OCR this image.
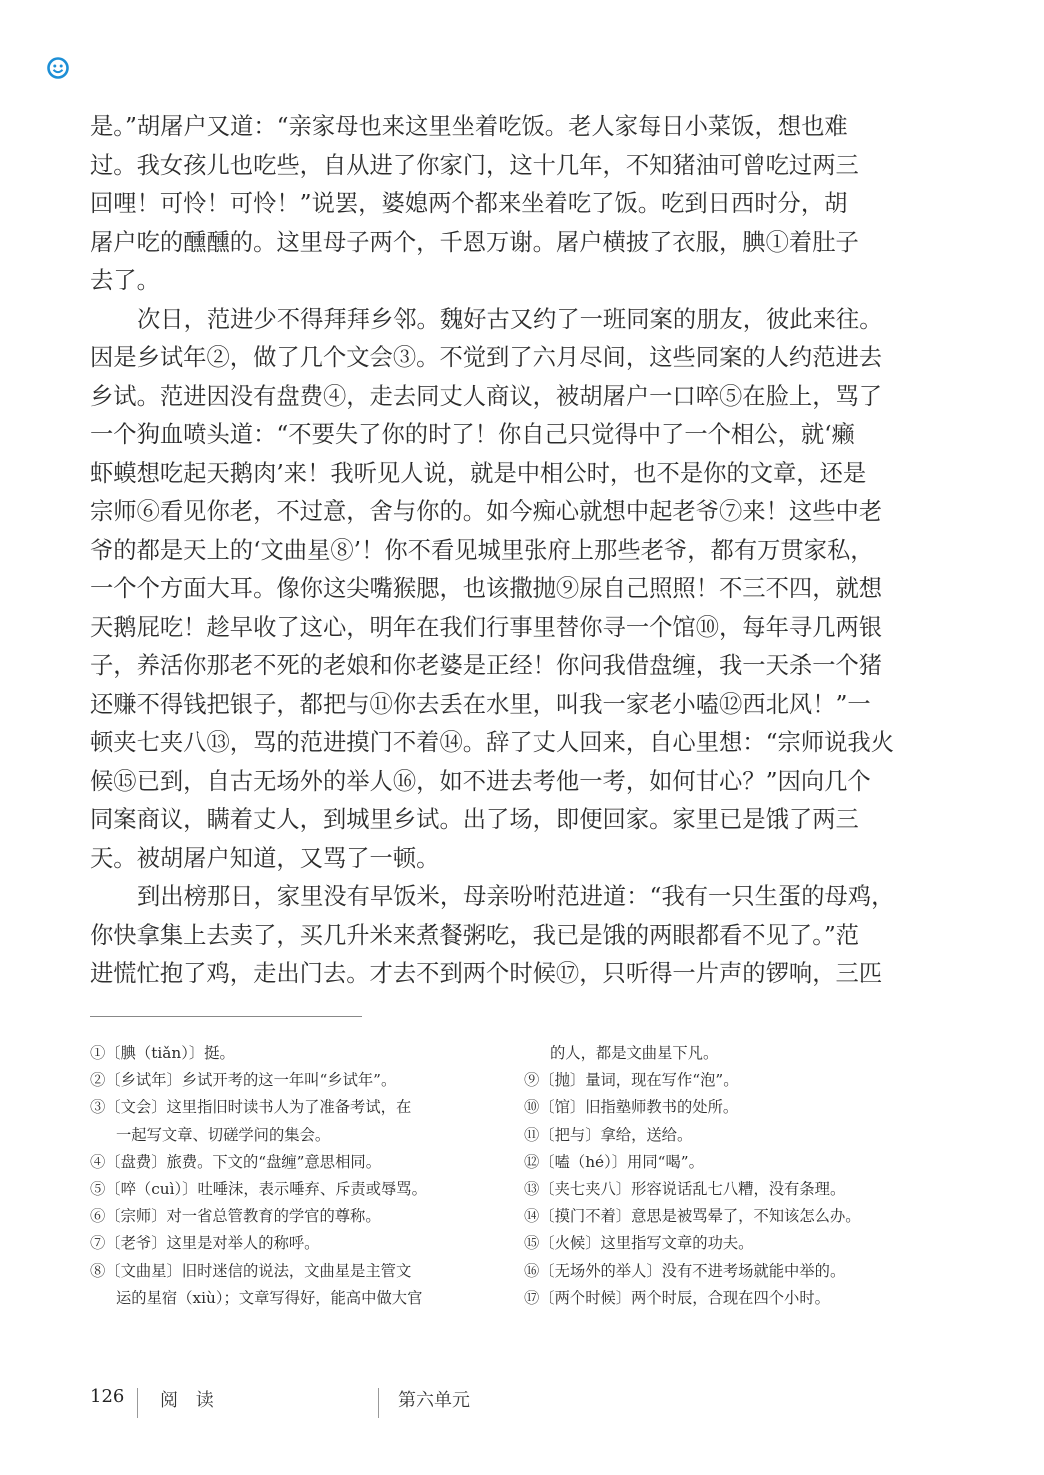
是。”胡屠户又道：“亲家母也来这里坐着吃饭。老人家每日小菜饭，想也难
过。我女孩儿也吃些，自从进了你家门，这十几年，不知猪油可曾吃过两三
回哩！可怜！可怜！”说罢，婆媳两个都来坐着吃了饭。吃到日西时分，胡
屠户吃的醺醺的。这里母子两个，千恩万谢。屠户横披了衣服，腆①着肚子
去了。
次日，范进少不得拜拜乡邻。魏好古又约了一班同案的朋友，彼此来往。
因是乡试年②，做了几个文会③。不觉到了六月尽间，这些同案的人约范进去
乡试。范进因没有盘费④，走去同丈人商议，被胡屠户一口啐⑤在脸上，骂了
一个狗血喷头道：“不要失了你的时了！你自己只觉得中了一个相公，就‘癞
虾蟆想吃起天鹅肉’来！我听见人说，就是中相公时，也不是你的文章，还是
宗师⑥看见你老，不过意，舍与你的。如今痴心就想中起老爷⑦来！这些中老
爷的都是天上的‘文曲星⑧’！你不看见城里张府上那些老爷，都有万贯家私，
一个个方面大耳。像你这尖嘴猴腮，也该撒抛⑨尿自己照照！不三不四，就想
天鹅屁吃！趁早收了这心，明年在我们行事里替你寻一个馆⑩，每年寻几两银
子，养活你那老不死的老娘和你老婆是正经！你问我借盘缠，我一天杀一个猪
还赚不得钱把银子，都把与⑪你去丢在水里，叫我一家老小嗑⑫西北风！”一
顿夹七夹八⑬，骂的范进摸门不着⑭。辞了丈人回来，自心里想：“宗师说我火
候⑮已到，自古无场外的举人⑯，如不进去考他一考，如何甘心？”因向几个
同案商议，瞒着丈人，到城里乡试。出了场，即便回家。家里已是饿了两三
天。被胡屠户知道，又骂了一顿。
到出榜那日，家里没有早饭米，母亲吩咐范进道：“我有一只生蛋的母鸡，
你快拿集上去卖了，买几升米来煮餐粥吃，我已是饿的两眼都看不见了。”范
进慌忙抱了鸡，走出门去。才去不到两个时候⑰，只听得一片声的锣响，三匹
①〔腆（tiǎn）〕挺。
②〔乡试年〕乡试开考的这一年叫“乡试年”。
③〔文会〕这里指旧时读书人为了准备考试，在
一起写文章、切磋学问的集会。
④〔盘费〕旅费。下文的“盘缠”意思相同。
⑤〔啐（cuì）〕吐唾沫，表示唾弃、斥责或辱骂。
⑥〔宗师〕对一省总管教育的学官的尊称。
⑦〔老爷〕这里是对举人的称呼。
⑧〔文曲星〕旧时迷信的说法，文曲星是主管文
运的星宿（xiù）；文章写得好，能高中做大官
的人，都是文曲星下凡。
⑨〔抛〕量词，现在写作“泡”。
⑩〔馆〕旧指塾师教书的处所。
⑪〔把与〕拿给，送给。
⑫〔嗑（hé）〕用同“喝”。
⑬〔夹七夹八〕形容说话乱七八糟，没有条理。
⑭〔摸门不着〕意思是被骂晕了，不知该怎么办。
⑮〔火候〕这里指写文章的功夫。
⑯〔无场外的举人〕没有不进考场就能中举的。
⑰〔两个时候〕两个时辰，合现在四个小时。
126 阅 读	第六单元
